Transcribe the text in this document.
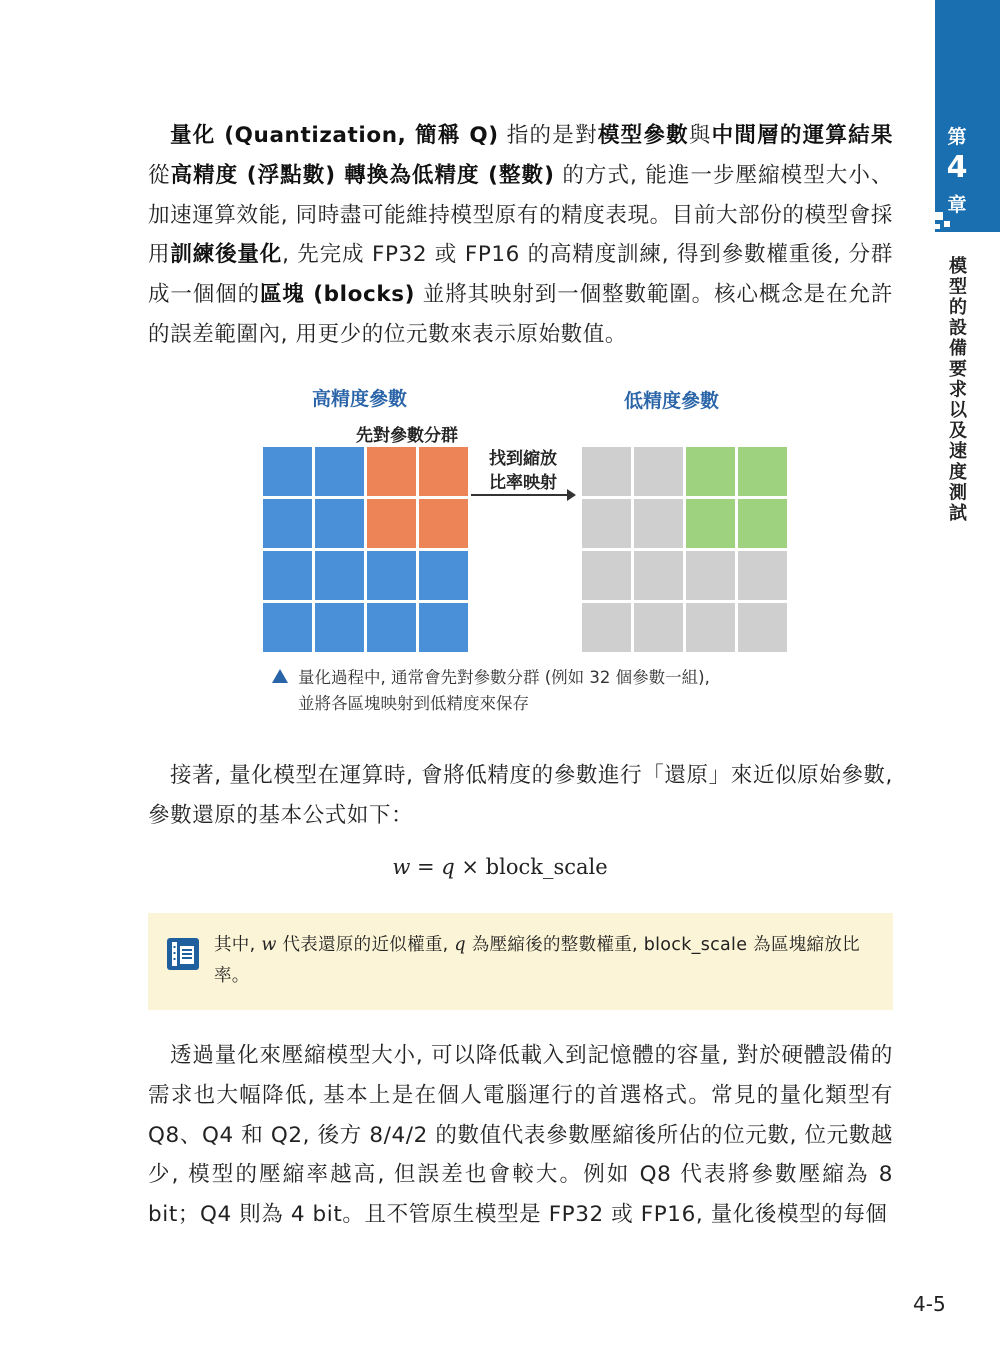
第
4
章
模型的設備要求以及速度測試

量化 (Quantization, 簡稱 Q) 指的是對模型參數與中間層的運算結果從高精度 (浮點數) 轉換為低精度 (整數) 的方式, 能進一步壓縮模型大小、加速運算效能, 同時盡可能維持模型原有的精度表現。目前大部份的模型會採用訓練後量化, 先完成 FP32 或 FP16 的高精度訓練, 得到參數權重後, 分群成一個個的區塊 (blocks) 並將其映射到一個整數範圍。核心概念是在允許的誤差範圍內, 用更少的位元數來表示原始數值。

高精度參數	低精度參數
先對參數分群
找到縮放
比率映射
量化過程中, 通常會先對參數分群 (例如 32 個參數一組),
並將各區塊映射到低精度來保存

接著, 量化模型在運算時, 會將低精度的參數進行「還原」來近似原始參數, 參數還原的基本公式如下：

w = q × block_scale
其中, w 代表還原的近似權重, q 為壓縮後的整數權重, block_scale 為區塊縮放比率。

透過量化來壓縮模型大小, 可以降低載入到記憶體的容量, 對於硬體設備的需求也大幅降低, 基本上是在個人電腦運行的首選格式。常見的量化類型有 Q8、Q4 和 Q2, 後方 8/4/2 的數值代表參數壓縮後所佔的位元數, 位元數越少, 模型的壓縮率越高, 但誤差也會較大。例如 Q8 代表將參數壓縮為 8 bit；Q4 則為 4 bit。且不管原生模型是 FP32 或 FP16, 量化後模型的每個

4-5
